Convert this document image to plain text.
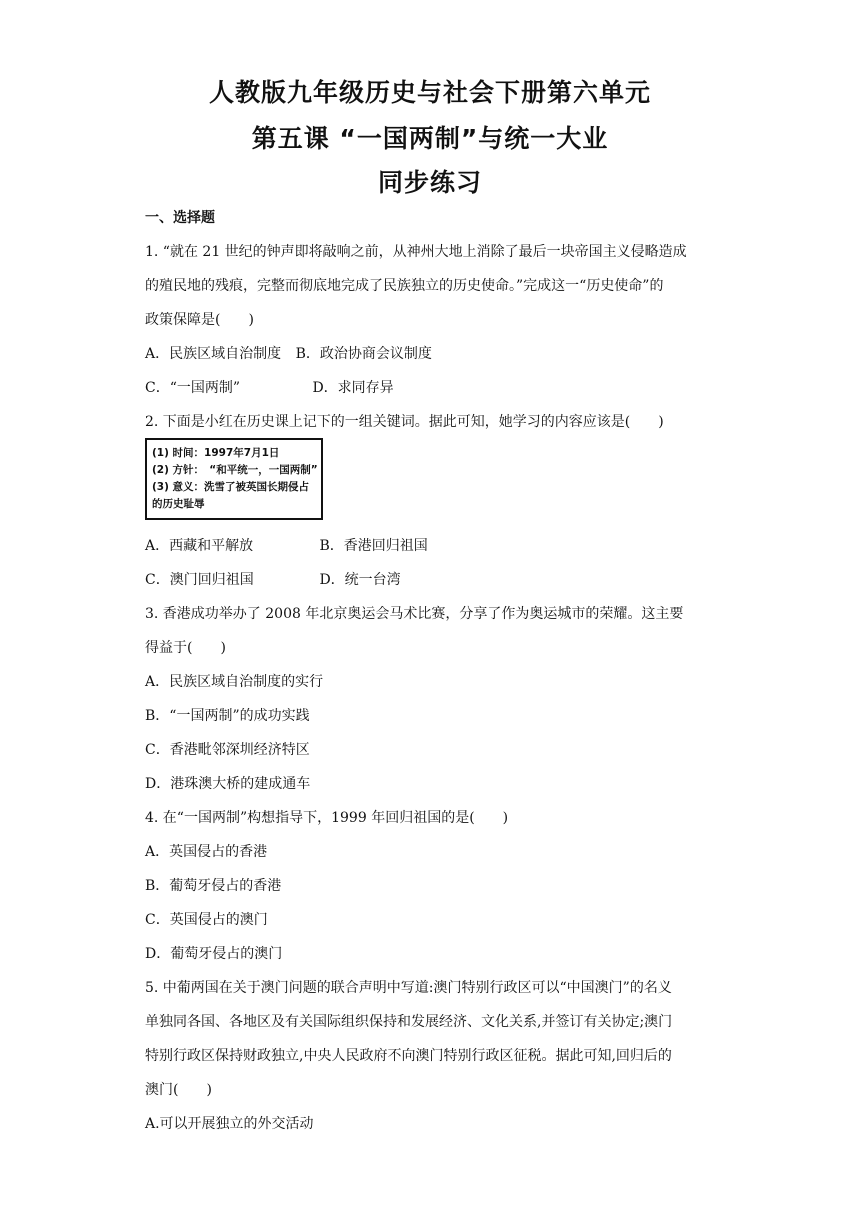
人教版九年级历史与社会下册第六单元
第五课 “一国两制”与统一大业
同步练习
一、选择题
1. “就在 21 世纪的钟声即将敲响之前，从神州大地上消除了最后一块帝国主义侵略造成
的殖民地的残痕，完整而彻底地完成了民族独立的历史使命。”完成这一“历史使命”的
政策保障是(　　)
A．民族区域自治制度 B．政治协商会议制度
C．“一国两制”	D．求同存异
2. 下面是小红在历史课上记下的一组关键词。据此可知，她学习的内容应该是(　　)
(1) 时间：1997年7月1日
(2) 方针：　“和平统一，一国两制”
(3) 意义：洗雪了被英国长期侵占
的历史耻辱
A．西藏和平解放	B．香港回归祖国
C．澳门回归祖国	D．统一台湾
3. 香港成功举办了 2008 年北京奥运会马术比赛，分享了作为奥运城市的荣耀。这主要
得益于(　　)
A．民族区域自治制度的实行
B．“一国两制”的成功实践
C．香港毗邻深圳经济特区
D．港珠澳大桥的建成通车
4. 在“一国两制”构想指导下，1999 年回归祖国的是(　　)
A．英国侵占的香港
B．葡萄牙侵占的香港
C．英国侵占的澳门
D．葡萄牙侵占的澳门
5. 中葡两国在关于澳门问题的联合声明中写道:澳门特别行政区可以“中国澳门”的名义
单独同各国、各地区及有关国际组织保持和发展经济、文化关系,并签订有关协定;澳门
特别行政区保持财政独立,中央人民政府不向澳门特别行政区征税。据此可知,回归后的
澳门(　　)
A.可以开展独立的外交活动
